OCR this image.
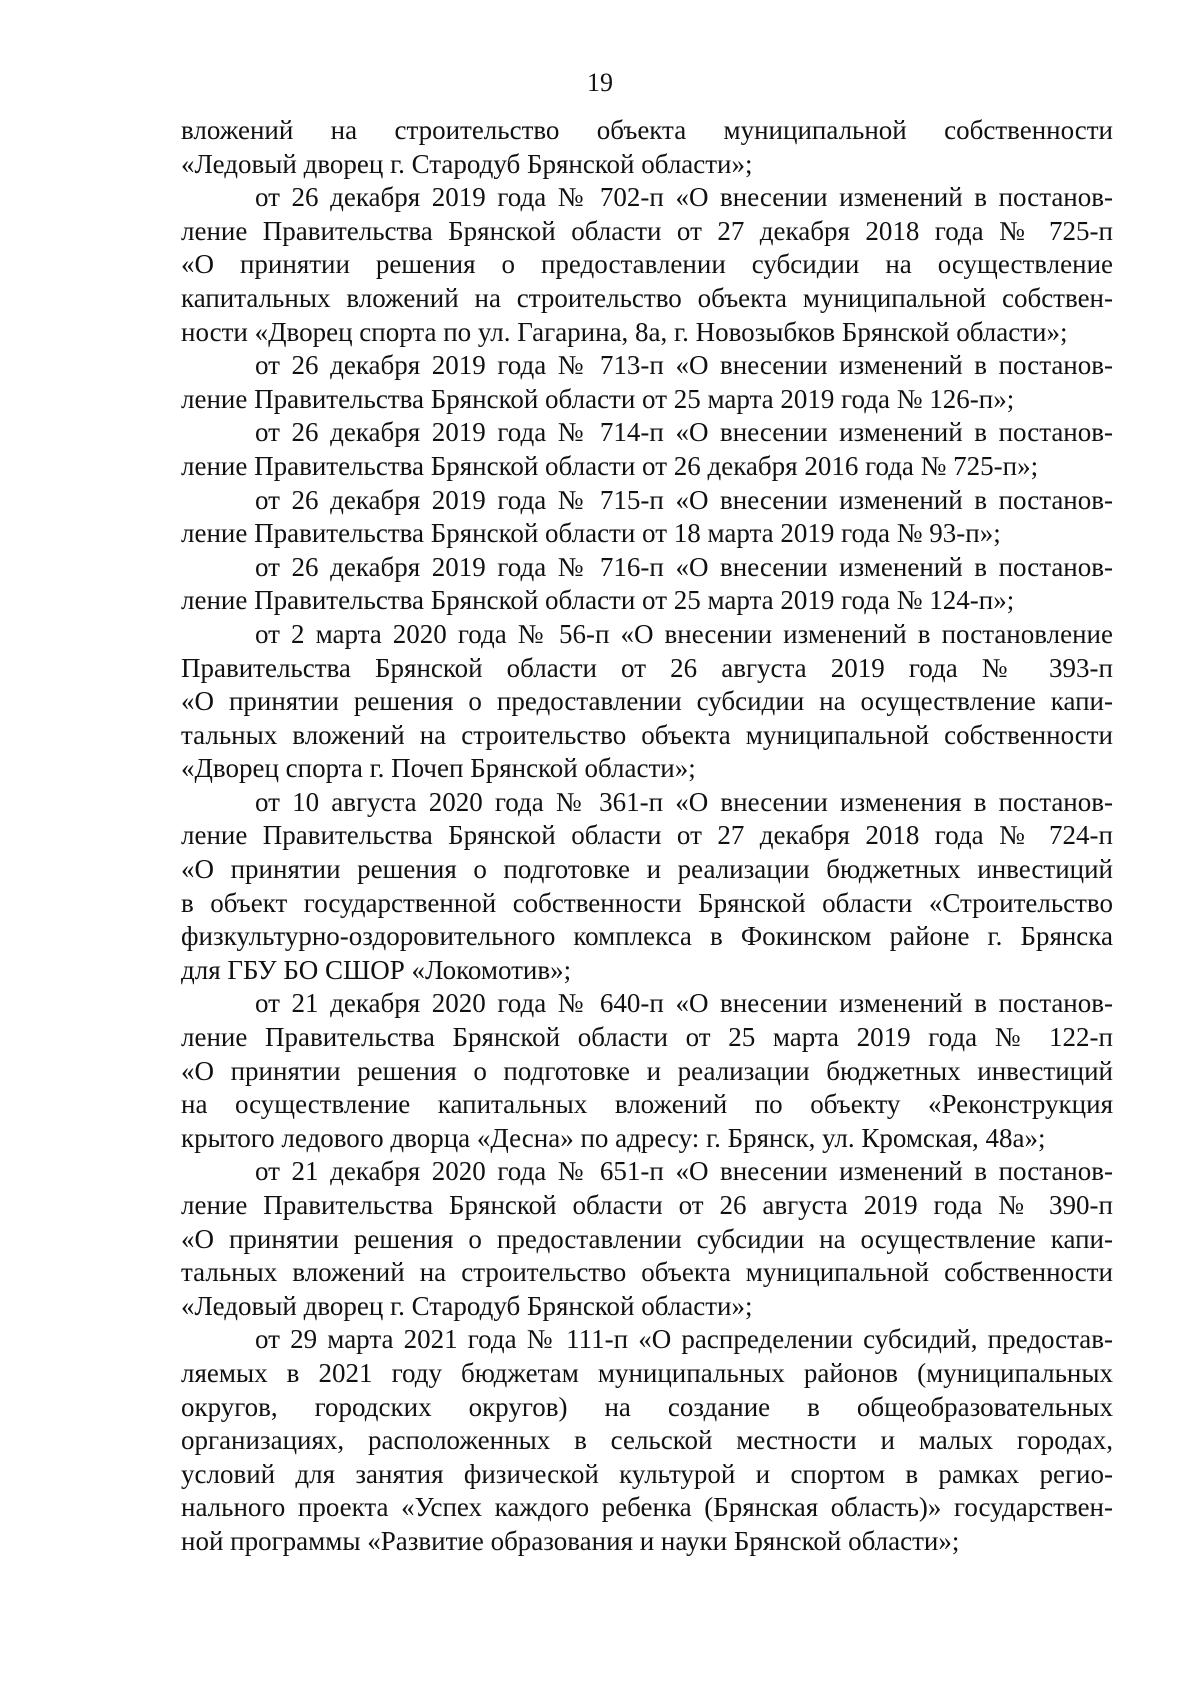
19
вложений на строительство объекта муниципальной собственности
«Ледовый дворец г. Стародуб Брянской области»;
от 26 декабря 2019 года № 702-п «О внесении изменений в постанов-
ление Правительства Брянской области от 27 декабря 2018 года № 725-п
«О принятии решения о предоставлении субсидии на осуществление
капитальных вложений на строительство объекта муниципальной собствен-
ности «Дворец спорта по ул. Гагарина, 8а, г. Новозыбков Брянской области»;
от 26 декабря 2019 года № 713-п «О внесении изменений в постанов-
ление Правительства Брянской области от 25 марта 2019 года № 126-п»;
от 26 декабря 2019 года № 714-п «О внесении изменений в постанов-
ление Правительства Брянской области от 26 декабря 2016 года № 725-п»;
от 26 декабря 2019 года № 715-п «О внесении изменений в постанов-
ление Правительства Брянской области от 18 марта 2019 года № 93-п»;
от 26 декабря 2019 года № 716-п «О внесении изменений в постанов-
ление Правительства Брянской области от 25 марта 2019 года № 124-п»;
от 2 марта 2020 года № 56-п «О внесении изменений в постановление
Правительства Брянской области от 26 августа 2019 года № 393-п
«О принятии решения о предоставлении субсидии на осуществление капи-
тальных вложений на строительство объекта муниципальной собственности
«Дворец спорта г. Почеп Брянской области»;
от 10 августа 2020 года № 361-п «О внесении изменения в постанов-
ление Правительства Брянской области от 27 декабря 2018 года № 724-п
«О принятии решения о подготовке и реализации бюджетных инвестиций
в объект государственной собственности Брянской области «Строительство
физкультурно-оздоровительного комплекса в Фокинском районе г. Брянска
для ГБУ БО СШОР «Локомотив»;
от 21 декабря 2020 года № 640-п «О внесении изменений в постанов-
ление Правительства Брянской области от 25 марта 2019 года № 122-п
«О принятии решения о подготовке и реализации бюджетных инвестиций
на осуществление капитальных вложений по объекту «Реконструкция
крытого ледового дворца «Десна» по адресу: г. Брянск, ул. Кромская, 48а»;
от 21 декабря 2020 года № 651-п «О внесении изменений в постанов-
ление Правительства Брянской области от 26 августа 2019 года № 390-п
«О принятии решения о предоставлении субсидии на осуществление капи-
тальных вложений на строительство объекта муниципальной собственности
«Ледовый дворец г. Стародуб Брянской области»;
от 29 марта 2021 года № 111-п «О распределении субсидий, предостав-
ляемых в 2021 году бюджетам муниципальных районов (муниципальных
округов, городских округов) на создание в общеобразовательных
организациях, расположенных в сельской местности и малых городах,
условий для занятия физической культурой и спортом в рамках регио-
нального проекта «Успех каждого ребенка (Брянская область)» государствен-
ной программы «Развитие образования и науки Брянской области»;
